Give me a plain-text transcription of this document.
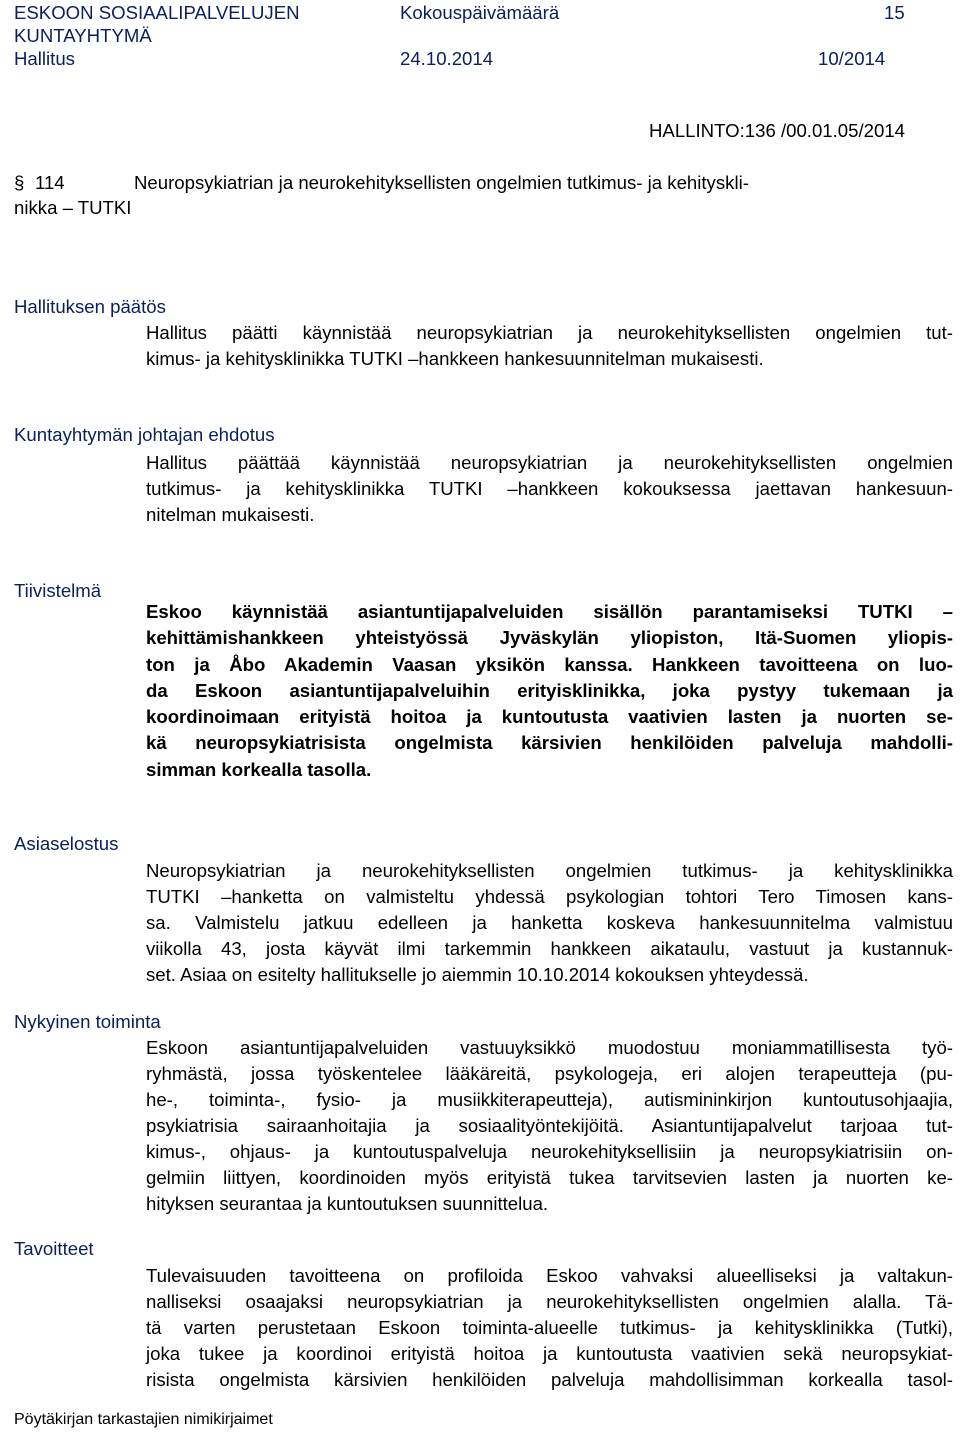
ESKOON SOSIAALIPALVELUJEN
KUNTAYHTYMÄ
Kokouspäivämäärä	15
Hallitus	24.10.2014	10/2014
HALLINTO:136 /00.01.05/2014
§ 114	Neuropsykiatrian ja neurokehityksellisten ongelmien tutkimus- ja kehityskli-
nikka – TUTKI
Hallituksen päätös
Hallitus päätti käynnistää neuropsykiatrian ja neurokehityksellisten ongelmien tut-
kimus- ja kehitysklinikka TUTKI –hankkeen hankesuunnitelman mukaisesti.
Kuntayhtymän johtajan ehdotus
Hallitus päättää käynnistää neuropsykiatrian ja neurokehityksellisten ongelmien
tutkimus- ja kehitysklinikka TUTKI –hankkeen kokouksessa jaettavan hankesuun-
nitelman mukaisesti.
Tiivistelmä
Eskoo käynnistää asiantuntijapalveluiden sisällön parantamiseksi TUTKI –
kehittämishankkeen yhteistyössä Jyväskylän yliopiston, Itä-Suomen yliopis-
ton ja Åbo Akademin Vaasan yksikön kanssa. Hankkeen tavoitteena on luo-
da Eskoon asiantuntijapalveluihin erityisklinikka, joka pystyy tukemaan ja
koordinoimaan erityistä hoitoa ja kuntoutusta vaativien lasten ja nuorten se-
kä neuropsykiatrisista ongelmista kärsivien henkilöiden palveluja mahdolli-
simman korkealla tasolla.
Asiaselostus
Neuropsykiatrian ja neurokehityksellisten ongelmien tutkimus- ja kehitysklinikka
TUTKI –hanketta on valmisteltu yhdessä psykologian tohtori Tero Timosen kans-
sa. Valmistelu jatkuu edelleen ja hanketta koskeva hankesuunnitelma valmistuu
viikolla 43, josta käyvät ilmi tarkemmin hankkeen aikataulu, vastuut ja kustannuk-
set. Asiaa on esitelty hallitukselle jo aiemmin 10.10.2014 kokouksen yhteydessä.
Nykyinen toiminta
Eskoon asiantuntijapalveluiden vastuuyksikkö muodostuu moniammatillisesta työ-
ryhmästä, jossa työskentelee lääkäreitä, psykologeja, eri alojen terapeutteja (pu-
he-, toiminta-, fysio- ja musiikkiterapeutteja), autismininkirjon kuntoutusohjaajia,
psykiatrisia sairaanhoitajia ja sosiaalityöntekijöitä. Asiantuntijapalvelut tarjoaa tut-
kimus-, ohjaus- ja kuntoutuspalveluja neurokehityksellisiin ja neuropsykiatrisiin on-
gelmiin liittyen, koordinoiden myös erityistä tukea tarvitsevien lasten ja nuorten ke-
hityksen seurantaa ja kuntoutuksen suunnittelua.
Tavoitteet
Tulevaisuuden tavoitteena on profiloida Eskoo vahvaksi alueelliseksi ja valtakun-
nalliseksi osaajaksi neuropsykiatrian ja neurokehityksellisten ongelmien alalla. Tä-
tä varten perustetaan Eskoon toiminta-alueelle tutkimus- ja kehitysklinikka (Tutki),
joka tukee ja koordinoi erityistä hoitoa ja kuntoutusta vaativien sekä neuropsykiat-
risista ongelmista kärsivien henkilöiden palveluja mahdollisimman korkealla tasol-
Pöytäkirjan tarkastajien nimikirjaimet
